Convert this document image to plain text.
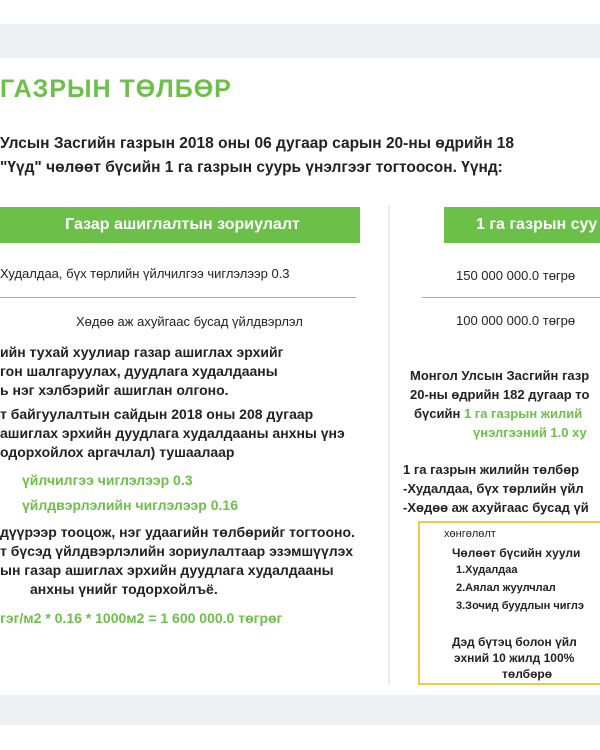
ГАЗРЫН ТӨЛБӨР
Улсын Засгийн газрын 2018 оны 06 дугаар сарын 20-ны өдрийн 18
"Үүд" чөлөөт бүсийн 1 га газрын суурь үнэлгээг тогтоосон. Үүнд:
Газар ашиглалтын зориулалт	1 га газрын суу
Худалдаа, бүх төрлийн үйлчилгээ чиглэлээр 0.3
Хөдөө аж ахуйгаас бусад үйлдвэрлэл
150 000 000.0 төгрө
100 000 000.0 төгрө
ийн тухай хуулиар газар ашиглах эрхийг
гон шалгаруулах, дуудлага худалдааны
ь нэг хэлбэрийг ашиглан олгоно.
т байгуулалтын сайдын 2018 оны 208 дугаар
ашиглах эрхийн дуудлага худалдааны анхны үнэ
одорхойлох аргачлал) тушаалаар
үйлчилгээ чиглэлээр 0.3
үйлдвэрлэлийн чиглэлээр 0.16
дүүрээр тооцож, нэг удаагийн төлбөрийг тогтооно.
т бүсэд үйлдвэрлэлийн зориулалтаар эзэмшүүлэх
ын газар ашиглах эрхийн дуудлага худалдааны
анхны үнийг тодорхойлъё.
гэг/м2 * 0.16 * 1000м2 = 1 600 000.0 төгрөг
Монгол Улсын Засгийн газр
20-ны өдрийн 182 дугаар то
бүсийн 1 га газрын жилий
үнэлгээний 1.0 ху
1 га газрын жилийн төлбөр
-Худалдаа, бүх төрлийн үйл
-Хөдөө аж ахуйгаас бусад үй
хөнгөлөлт
Чөлөөт бүсийн хуули
1.Худалдаа
2.Аялал жуулчлал
3.Зочид буудлын чиглэ
Дэд бүтэц болон үйл
эхний 10 жилд 100%
төлбөрө
